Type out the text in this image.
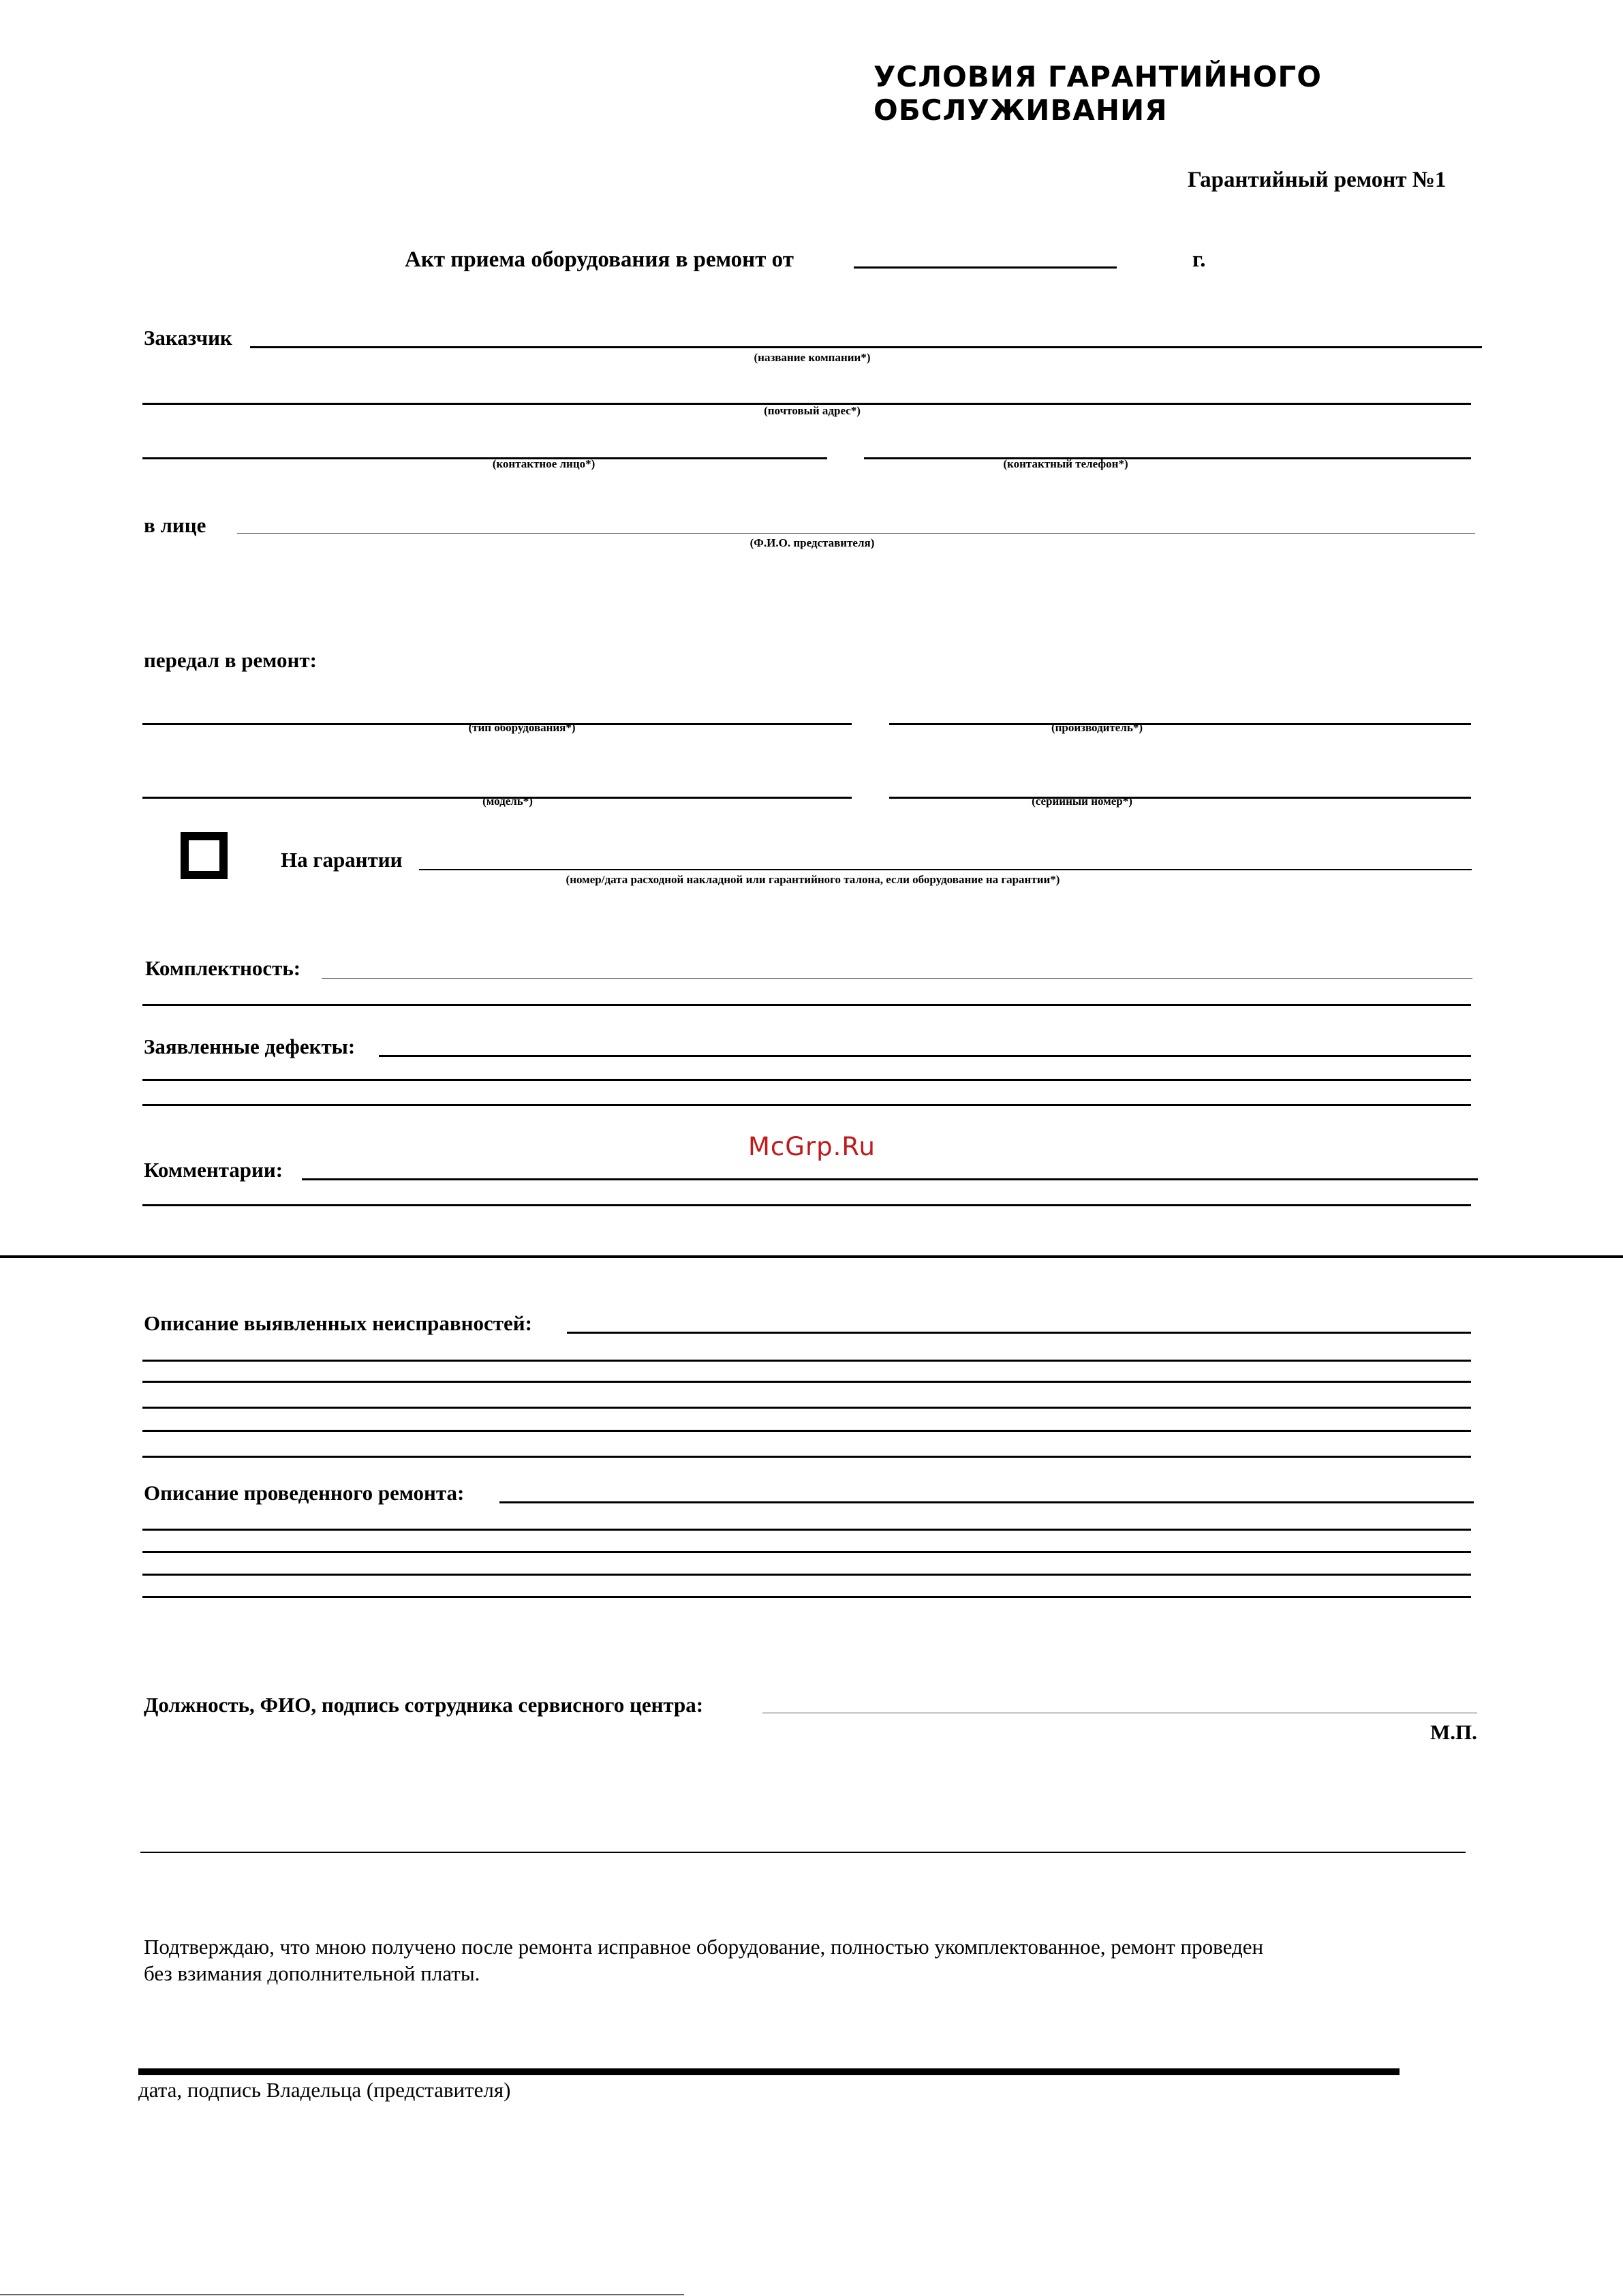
УСЛОВИЯ ГАРАНТИЙНОГО ОБСЛУЖИВАНИЯ
Гарантийный ремонт №1
Акт приема оборудования в ремонт от	г.
Заказчик
(название компании*)
(почтовый адрес*)
(контактное лицо*)	(контактный телефон*)
в лице
(Ф.И.О. представителя)
передал в ремонт:
(тип оборудования*)	(производитель*)
(модель*)	(серийный номер*)
На гарантии
(номер/дата расходной накладной или гарантийного талона, если оборудование на гарантии*)
Комплектность:
Заявленные дефекты:
McGrp.Ru
Комментарии:
Описание выявленных неисправностей:
Описание проведенного ремонта:
Должность, ФИО, подпись сотрудника сервисного центра:
М.П.
Подтверждаю, что мною получено после ремонта исправное оборудование, полностью укомплектованное, ремонт проведен
без взимания дополнительной платы.
дата, подпись Владельца (представителя)
